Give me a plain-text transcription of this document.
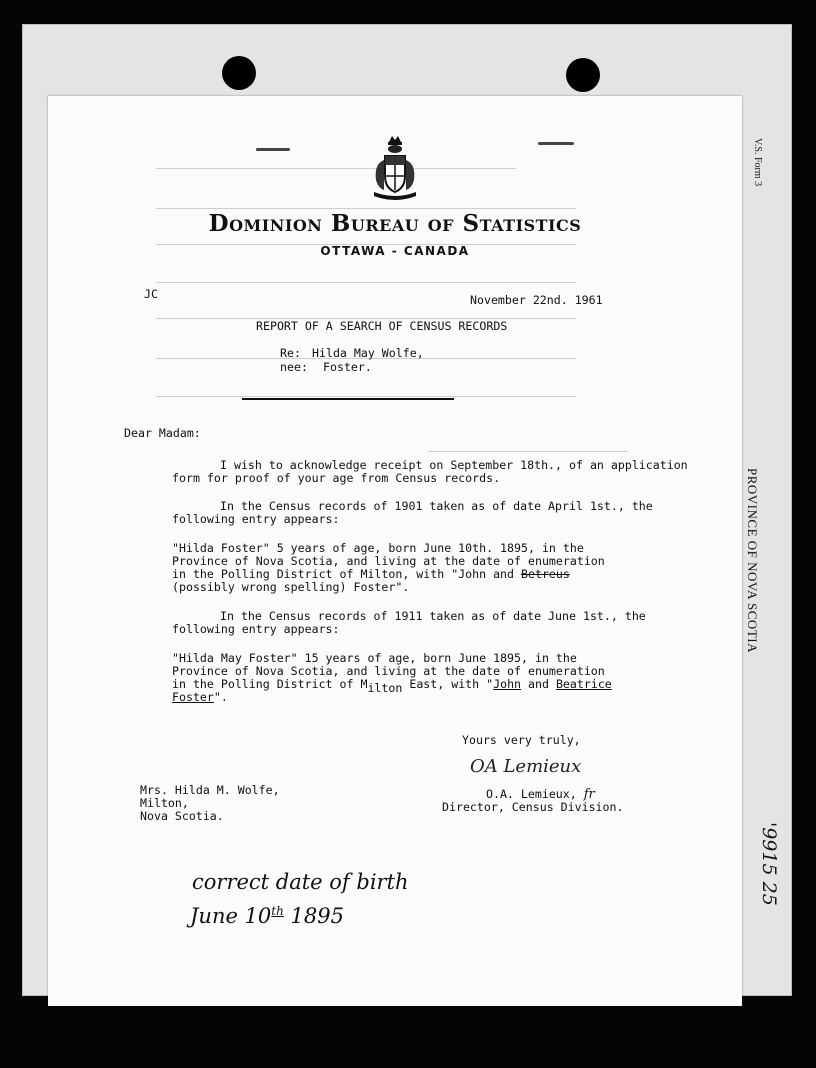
V.S. Form 3
PROVINCE OF NOVA SCOTIA
'9915 25
Dominion Bureau of Statistics
OTTAWA - CANADA
JC	November 22nd. 1961
REPORT OF A SEARCH OF CENSUS RECORDS
Re: Hilda May Wolfe,
nee: Foster.
Dear Madam:
I wish to acknowledge receipt on September 18th., of an application
form for proof of your age from Census records.
In the Census records of 1901 taken as of date April 1st., the
following entry appears:
"Hilda Foster" 5 years of age, born June 10th. 1895, in the
Province of Nova Scotia, and living at the date of enumeration
in the Polling District of Milton, with "John and Betreus
(possibly wrong spelling) Foster".
In the Census records of 1911 taken as of date June 1st., the
following entry appears:
"Hilda May Foster" 15 years of age, born June 1895, in the
Province of Nova Scotia, and living at the date of enumeration
in the Polling District of Milton East, with "John and Beatrice
Foster".
Yours very truly,
OA Lemieux
O.A. Lemieux, fr
Director, Census Division.
Mrs. Hilda M. Wolfe,
Milton,
Nova Scotia.
correct date of birth
June 10th 1895
